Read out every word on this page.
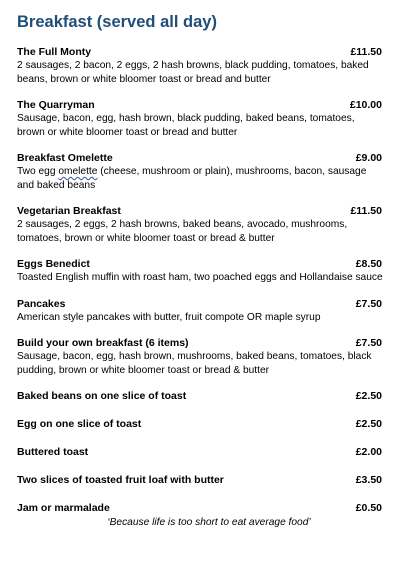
Breakfast (served all day)
The Full Monty	£11.50
2 sausages, 2 bacon, 2 eggs, 2 hash browns, black pudding, tomatoes, baked beans, brown or white bloomer toast or bread and butter
The Quarryman	£10.00
Sausage, bacon, egg, hash brown, black pudding, baked beans, tomatoes, brown or white bloomer toast or bread and butter
Breakfast Omelette	£9.00
Two egg omelette (cheese, mushroom or plain), mushrooms, bacon, sausage and baked beans
Vegetarian Breakfast	£11.50
2 sausages, 2 eggs, 2 hash browns, baked beans, avocado, mushrooms, tomatoes, brown or white bloomer toast or bread & butter
Eggs Benedict	£8.50
Toasted English muffin with roast ham, two poached eggs and Hollandaise sauce
Pancakes	£7.50
American style pancakes with butter, fruit compote OR maple syrup
Build your own breakfast (6 items)	£7.50
Sausage, bacon, egg, hash brown, mushrooms, baked beans, tomatoes, black pudding, brown or white bloomer toast or bread & butter
Baked beans on one slice of toast	£2.50
Egg on one slice of toast	£2.50
Buttered toast	£2.00
Two slices of toasted fruit loaf with butter	£3.50
Jam or marmalade	£0.50
‘Because life is too short to eat average food’
